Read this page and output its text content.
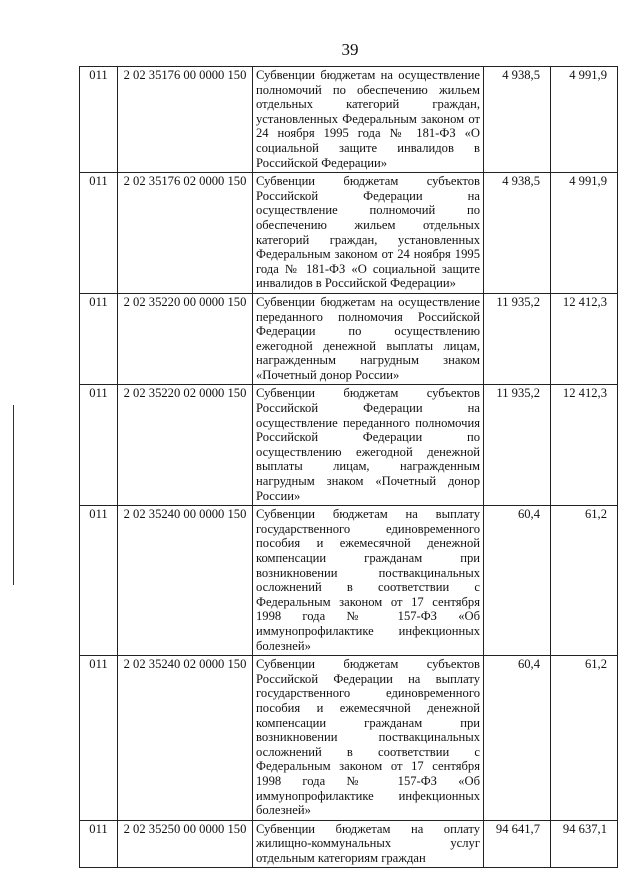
39
011	2 02 35176 00 0000 150	Субвенции бюджетам на осуществление полномочий по обеспечению жильем отдельных категорий граждан, установленных Федеральным законом от 24 ноября 1995 года № 181-ФЗ «О социальной защите инвалидов в Российской Федерации»	4 938,5	4 991,9
011	2 02 35176 02 0000 150	Субвенции бюджетам субъектов Российской Федерации на осуществление полномочий по обеспечению жильем отдельных категорий граждан, установленных Федеральным законом от 24 ноября 1995 года № 181-ФЗ «О социальной защите инвалидов в Российской Федерации»	4 938,5	4 991,9
011	2 02 35220 00 0000 150	Субвенции бюджетам на осуществление переданного полномочия Российской Федерации по осуществлению ежегодной денежной выплаты лицам, награжденным нагрудным знаком «Почетный донор России»	11 935,2	12 412,3
011	2 02 35220 02 0000 150	Субвенции бюджетам субъектов Российской Федерации на осуществление переданного полномочия Российской Федерации по осуществлению ежегодной денежной выплаты лицам, награжденным нагрудным знаком «Почетный донор России»	11 935,2	12 412,3
011	2 02 35240 00 0000 150	Субвенции бюджетам на выплату государственного единовременного пособия и ежемесячной денежной компенсации гражданам при возникновении поствакцинальных осложнений в соответствии с Федеральным законом от 17 сентября 1998 года № 157-ФЗ «Об иммунопрофилактике инфекционных болезней»	60,4	61,2
011	2 02 35240 02 0000 150	Субвенции бюджетам субъектов Российской Федерации на выплату государственного единовременного пособия и ежемесячной денежной компенсации гражданам при возникновении поствакцинальных осложнений в соответствии с Федеральным законом от 17 сентября 1998 года № 157-ФЗ «Об иммунопрофилактике инфекционных болезней»	60,4	61,2
011	2 02 35250 00 0000 150	Субвенции бюджетам на оплату жилищно-коммунальных услуг отдельным категориям граждан	94 641,7	94 637,1
